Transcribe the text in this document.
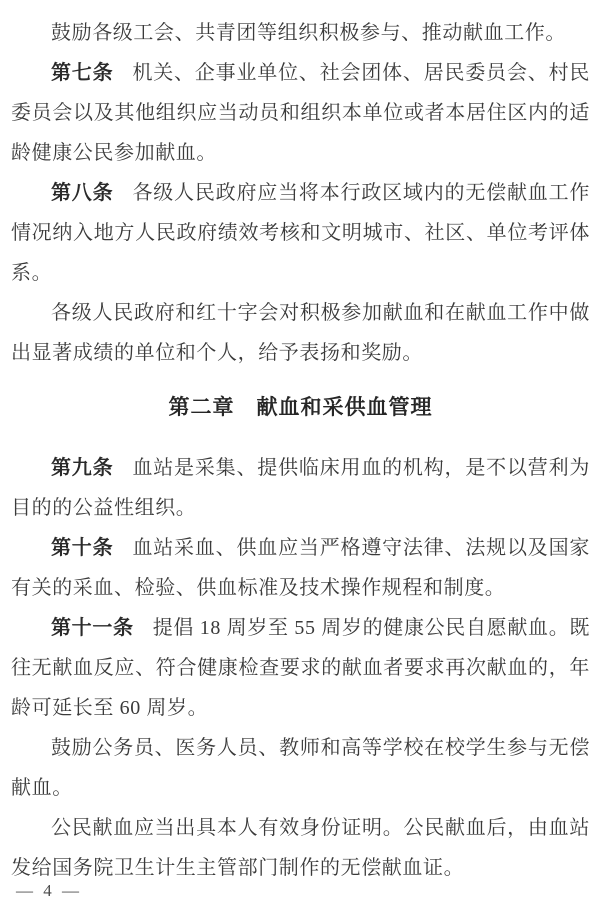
鼓励各级工会、共青团等组织积极参与、推动献血工作。

第七条 机关、企事业单位、社会团体、居民委员会、村民委员会以及其他组织应当动员和组织本单位或者本居住区内的适龄健康公民参加献血。

第八条 各级人民政府应当将本行政区域内的无偿献血工作情况纳入地方人民政府绩效考核和文明城市、社区、单位考评体系。

各级人民政府和红十字会对积极参加献血和在献血工作中做出显著成绩的单位和个人，给予表扬和奖励。

第二章　献血和采供血管理

第九条 血站是采集、提供临床用血的机构，是不以营利为目的的公益性组织。

第十条 血站采血、供血应当严格遵守法律、法规以及国家有关的采血、检验、供血标准及技术操作规程和制度。

第十一条 提倡 18 周岁至 55 周岁的健康公民自愿献血。既往无献血反应、符合健康检查要求的献血者要求再次献血的，年龄可延长至 60 周岁。

鼓励公务员、医务人员、教师和高等学校在校学生参与无偿献血。

公民献血应当出具本人有效身份证明。公民献血后，由血站发给国务院卫生计生主管部门制作的无偿献血证。

— 4 —
